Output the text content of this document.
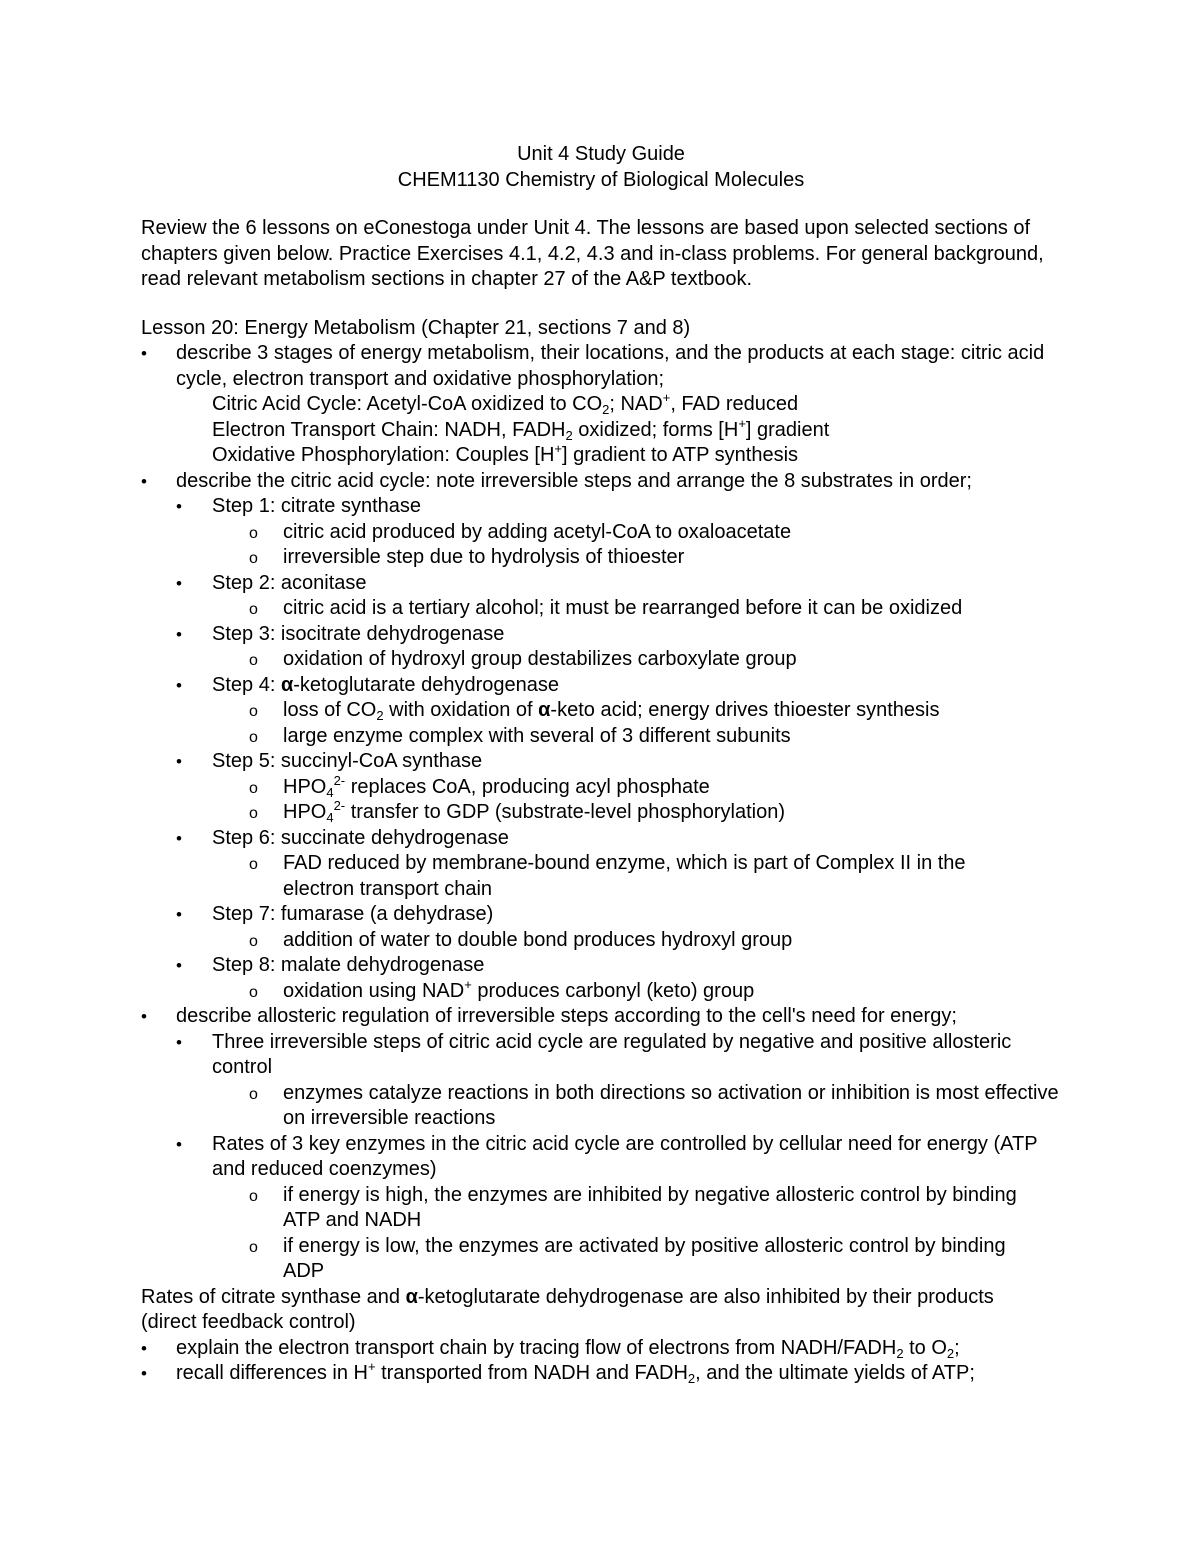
Unit 4 Study Guide

CHEM1130 Chemistry of Biological Molecules

Review the 6 lessons on eConestoga under Unit 4. The lessons are based upon selected sections of chapters given below. Practice Exercises 4.1, 4.2, 4.3 and in-class problems. For general background, read relevant metabolism sections in chapter 27 of the A&P textbook.

Lesson 20: Energy Metabolism (Chapter 21, sections 7 and 8)

• describe 3 stages of energy metabolism, their locations, and the products at each stage: citric acid cycle, electron transport and oxidative phosphorylation;
Citric Acid Cycle: Acetyl-CoA oxidized to $CO_2$; NAD+, FAD reduced
Electron Transport Chain: NADH, $FADH_2$ oxidized; forms [H+] gradient
Oxidative Phosphorylation: Couples [H+] gradient to ATP synthesis
• describe the citric acid cycle: note irreversible steps and arrange the 8 substrates in order;
• Step 1: citrate synthase
o citric acid produced by adding acetyl-CoA to oxaloacetate
o irreversible step due to hydrolysis of thioester
• Step 2: aconitase
o citric acid is a tertiary alcohol; it must be rearranged before it can be oxidized
• Step 3: isocitrate dehydrogenase
o oxidation of hydroxyl group destabilizes carboxylate group
• Step 4: α-ketoglutarate dehydrogenase
o loss of $CO_2$ with oxidation of α-keto acid; energy drives thioester synthesis
o large enzyme complex with several of 3 different subunits
• Step 5: succinyl-CoA synthase
o $HPO_4^{2-}$ replaces CoA, producing acyl phosphate
o $HPO_4^{2-}$ transfer to GDP (substrate-level phosphorylation)
• Step 6: succinate dehydrogenase
o FAD reduced by membrane-bound enzyme, which is part of Complex II in the electron transport chain
• Step 7: fumarase (a dehydrase)
o addition of water to double bond produces hydroxyl group
• Step 8: malate dehydrogenase
o oxidation using NAD+ produces carbonyl (keto) group
• describe allosteric regulation of irreversible steps according to the cell's need for energy;
• Three irreversible steps of citric acid cycle are regulated by negative and positive allosteric control
o enzymes catalyze reactions in both directions so activation or inhibition is most effective on irreversible reactions
• Rates of 3 key enzymes in the citric acid cycle are controlled by cellular need for energy (ATP and reduced coenzymes)
o if energy is high, the enzymes are inhibited by negative allosteric control by binding ATP and NADH
o if energy is low, the enzymes are activated by positive allosteric control by binding ADP

Rates of citrate synthase and α-ketoglutarate dehydrogenase are also inhibited by their products (direct feedback control)

• explain the electron transport chain by tracing flow of electrons from NADH/$FADH_2$ to $O_2$;
• recall differences in H+ transported from NADH and $FADH_2$, and the ultimate yields of ATP;
